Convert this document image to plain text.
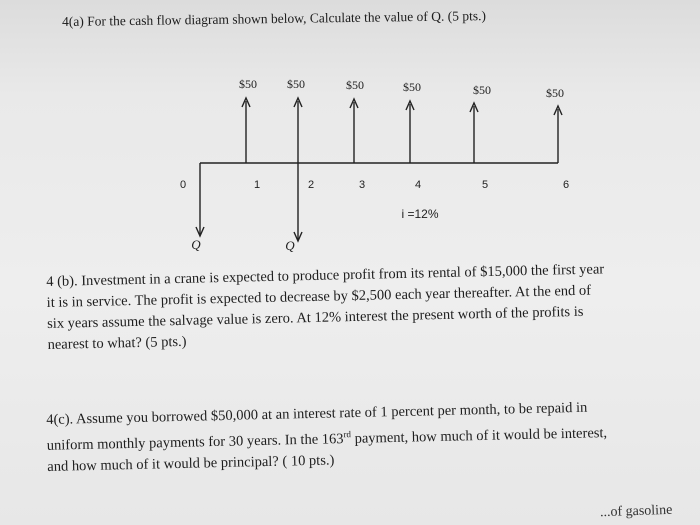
4(a) For the cash flow diagram shown below, Calculate the value of Q. (5 pts.)
0	1	2	3	4	5	6
$50	$50	$50	$50	$50	$50
Q	Q
i =12%

4 (b). Investment in a crane is expected to produce profit from its rental of $15,000 the first year

it is in service. The profit is expected to decrease by $2,500 each year thereafter. At the end of

six years assume the salvage value is zero. At 12% interest the present worth of the profits is

nearest to what? (5 pts.)

4(c). Assume you borrowed $50,000 at an interest rate of 1 percent per month, to be repaid in

uniform monthly payments for 30 years. In the 163rd payment, how much of it would be interest,

and how much of it would be principal? ( 10 pts.)

...of gasoline
